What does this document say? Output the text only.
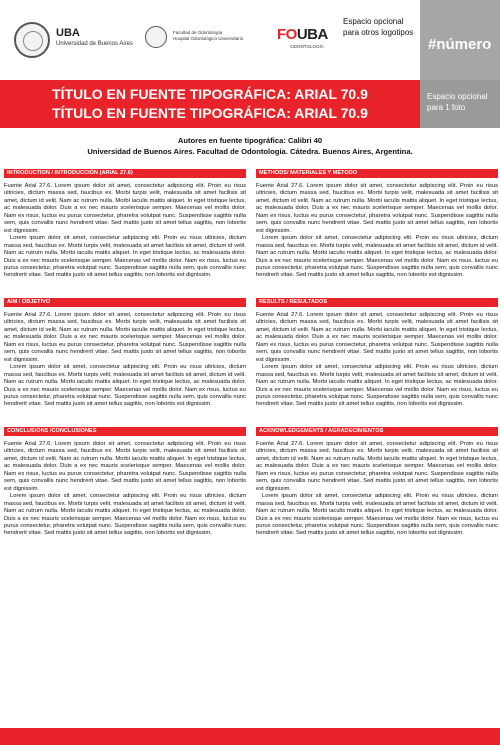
UBA
Universidad de Buenos Aires
Facultad de Odontología
Hospital Odontológico Universitario FOUBA
ODONTOLOGÍA
Espacio opcional para otros logotipos
#número
TÍTULO EN FUENTE TIPOGRÁFICA: ARIAL 70.9
TÍTULO EN FUENTE TIPOGRÁFICA: ARIAL 70.9
Espacio opcional para 1 foto
Autores en fuente tipográfica: Calibri 40
Universidad de Buenos Aires. Facultad de Odontología. Cátedra. Buenos Aires, Argentina.
INTRODUCTION / INTRODUCCIÓN (ARIAL 27.6)

Fuente Arial 27.6. Lorem ipsum dolor sit amet, consectetur adipiscing elit. Proin eu risus ultricies, dictum massa sed, faucibus ex. Morbi turpis velit, malesuada sit amet facilisis sit amet, dictum id velit. Nam ac rutrum nulla. Morbi iaculis mattis aliquet. In eget tristique lectus, ac malesuada dolor. Duis a ex nec mauris scelerisque semper. Maecenas vel mollis dolor. Nam ex risus, luctus eu purus consectetur, pharetra volutpat nunc. Suspendisse sagittis nulla sem, quis convallis nunc hendrerit vitae. Sed mattis justo sit amet tellus sagittis, non lobortis est dignissim.

Lorem ipsum dolor sit amet, consectetur adipiscing elit. Proin eu risus ultricies, dictum massa sed, faucibus ex. Morbi turpis velit, malesuada sit amet facilisis sit amet, dictum id velit. Nam ac rutrum nulla. Morbi iaculis mattis aliquet. In eget tristique lectus, ac malesuada dolor. Duis a ex nec mauris scelerisque semper. Maecenas vel mollis dolor. Nam ex risus, luctus eu purus consectetur, pharetra volutpat nunc. Suspendisse sagittis nulla sem, quis convallis nunc hendrerit vitae. Sed mattis justo sit amet tellus sagittis, non lobortis est dignissim.

METHODS/ MATERIALES Y MÉTODO

Fuente Arial 27.6. Lorem ipsum dolor sit amet, consectetur adipiscing elit. Proin eu risus ultricies, dictum massa sed, faucibus ex. Morbi turpis velit, malesuada sit amet facilisis sit amet, dictum id velit. Nam ac rutrum nulla. Morbi iaculis mattis aliquet. In eget tristique lectus, ac malesuada dolor. Duis a ex nec mauris scelerisque semper. Maecenas vel mollis dolor. Nam ex risus, luctus eu purus consectetur, pharetra volutpat nunc. Suspendisse sagittis nulla sem, quis convallis nunc hendrerit vitae. Sed mattis justo sit amet tellus sagittis, non lobortis est dignissim.

Lorem ipsum dolor sit amet, consectetur adipiscing elit. Proin eu risus ultricies, dictum massa sed, faucibus ex. Morbi turpis velit, malesuada sit amet facilisis sit amet, dictum id velit. Nam ac rutrum nulla. Morbi iaculis mattis aliquet. In eget tristique lectus, ac malesuada dolor. Duis a ex nec mauris scelerisque semper. Maecenas vel mollis dolor. Nam ex risus, luctus eu purus consectetur, pharetra volutpat nunc. Suspendisse sagittis nulla sem, quis convallis nunc hendrerit vitae. Sed mattis justo sit amet tellus sagittis, non lobortis est dignissim.

AIM / OBJETIVO

Fuente Arial 27.6. Lorem ipsum dolor sit amet, consectetur adipiscing elit. Proin eu risus ultricies, dictum massa sed, faucibus ex. Morbi turpis velit, malesuada sit amet facilisis sit amet, dictum id velit. Nam ac rutrum nulla. Morbi iaculis mattis aliquet. In eget tristique lectus, ac malesuada dolor. Duis a ex nec mauris scelerisque semper. Maecenas vel mollis dolor. Nam ex risus, luctus eu purus consectetur, pharetra volutpat nunc. Suspendisse sagittis nulla sem, quis convallis nunc hendrerit vitae. Sed mattis justo sit amet tellus sagittis, non lobortis est dignissim.

Lorem ipsum dolor sit amet, consectetur adipiscing elit. Proin eu risus ultricies, dictum massa sed, faucibus ex. Morbi turpis velit, malesuada sit amet facilisis sit amet, dictum id velit. Nam ac rutrum nulla. Morbi iaculis mattis aliquet. In eget tristique lectus, ac malesuada dolor. Duis a ex nec mauris scelerisque semper. Maecenas vel mollis dolor. Nam ex risus, luctus eu purus consectetur, pharetra volutpat nunc. Suspendisse sagittis nulla sem, quis convallis nunc hendrerit vitae. Sed mattis justo sit amet tellus sagittis, non lobortis est dignissim.

RESULTS / RESULTADOS

Fuente Arial 27.6. Lorem ipsum dolor sit amet, consectetur adipiscing elit. Proin eu risus ultricies, dictum massa sed, faucibus ex. Morbi turpis velit, malesuada sit amet facilisis sit amet, dictum id velit. Nam ac rutrum nulla. Morbi iaculis mattis aliquet. In eget tristique lectus, ac malesuada dolor. Duis a ex nec mauris scelerisque semper. Maecenas vel mollis dolor. Nam ex risus, luctus eu purus consectetur, pharetra volutpat nunc. Suspendisse sagittis nulla sem, quis convallis nunc hendrerit vitae. Sed mattis justo sit amet tellus sagittis, non lobortis est dignissim.

Lorem ipsum dolor sit amet, consectetur adipiscing elit. Proin eu risus ultricies, dictum massa sed, faucibus ex. Morbi turpis velit, malesuada sit amet facilisis sit amet, dictum id velit. Nam ac rutrum nulla. Morbi iaculis mattis aliquet. In eget tristique lectus, ac malesuada dolor. Duis a ex nec mauris scelerisque semper. Maecenas vel mollis dolor. Nam ex risus, luctus eu purus consectetur, pharetra volutpat nunc. Suspendisse sagittis nulla sem, quis convallis nunc hendrerit vitae. Sed mattis justo sit amet tellus sagittis, non lobortis est dignissim.

CONCLUSIONS /CONCLUSIONES

Fuente Arial 27.6. Lorem ipsum dolor sit amet, consectetur adipiscing elit. Proin eu risus ultricies, dictum massa sed, faucibus ex. Morbi turpis velit, malesuada sit amet facilisis sit amet, dictum id velit. Nam ac rutrum nulla. Morbi iaculis mattis aliquet. In eget tristique lectus, ac malesuada dolor. Duis a ex nec mauris scelerisque semper. Maecenas vel mollis dolor. Nam ex risus, luctus eu purus consectetur, pharetra volutpat nunc. Suspendisse sagittis nulla sem, quis convallis nunc hendrerit vitae. Sed mattis justo sit amet tellus sagittis, non lobortis est dignissim.

Lorem ipsum dolor sit amet, consectetur adipiscing elit. Proin eu risus ultricies, dictum massa sed, faucibus ex. Morbi turpis velit, malesuada sit amet facilisis sit amet, dictum id velit. Nam ac rutrum nulla. Morbi iaculis mattis aliquet. In eget tristique lectus, ac malesuada dolor. Duis a ex nec mauris scelerisque semper. Maecenas vel mollis dolor. Nam ex risus, luctus eu purus consectetur, pharetra volutpat nunc. Suspendisse sagittis nulla sem, quis convallis nunc hendrerit vitae. Sed mattis justo sit amet tellus sagittis, non lobortis est dignissim.

ACKNOWLEDGEMENTS / AGRADECIMIENTOS

Fuente Arial 27.6. Lorem ipsum dolor sit amet, consectetur adipiscing elit. Proin eu risus ultricies, dictum massa sed, faucibus ex. Morbi turpis velit, malesuada sit amet facilisis sit amet, dictum id velit. Nam ac rutrum nulla. Morbi iaculis mattis aliquet. In eget tristique lectus, ac malesuada dolor. Duis a ex nec mauris scelerisque semper. Maecenas vel mollis dolor. Nam ex risus, luctus eu purus consectetur, pharetra volutpat nunc. Suspendisse sagittis nulla sem, quis convallis nunc hendrerit vitae. Sed mattis justo sit amet tellus sagittis, non lobortis est dignissim.

Lorem ipsum dolor sit amet, consectetur adipiscing elit. Proin eu risus ultricies, dictum massa sed, faucibus ex. Morbi turpis velit, malesuada sit amet facilisis sit amet, dictum id velit. Nam ac rutrum nulla. Morbi iaculis mattis aliquet. In eget tristique lectus, ac malesuada dolor. Duis a ex nec mauris scelerisque semper. Maecenas vel mollis dolor. Nam ex risus, luctus eu purus consectetur, pharetra volutpat nunc. Suspendisse sagittis nulla sem, quis convallis nunc hendrerit vitae. Sed mattis justo sit amet tellus sagittis, non lobortis est dignissim.
